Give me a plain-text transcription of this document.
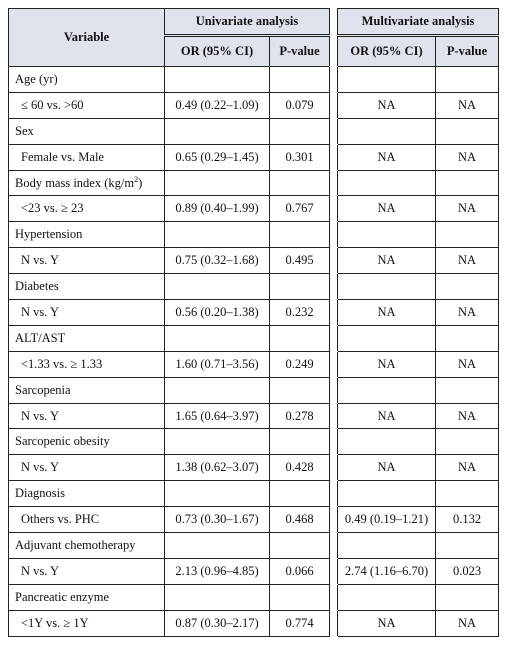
Variable	Univariate analysis			Multivariate analysis	
	OR (95% CI)	P-value		OR (95% CI)	P-value
Age (yr)					
≤ 60 vs. >60	0.49 (0.22–1.09)	0.079		NA	NA
Sex					
Female vs. Male	0.65 (0.29–1.45)	0.301		NA	NA
Body mass index $(kg/m^2)$					
<23 vs. ≥ 23	0.89 (0.40–1.99)	0.767		NA	NA
Hypertension					
N vs. Y	0.75 (0.32–1.68)	0.495		NA	NA
Diabetes					
N vs. Y	0.56 (0.20–1.38)	0.232		NA	NA
ALT/AST					
<1.33 vs. ≥ 1.33	1.60 (0.71–3.56)	0.249		NA	NA
Sarcopenia					
N vs. Y	1.65 (0.64–3.97)	0.278		NA	NA
Sarcopenic obesity					
N vs. Y	1.38 (0.62–3.07)	0.428		NA	NA
Diagnosis					
Others vs. PHC	0.73 (0.30–1.67)	0.468		0.49 (0.19–1.21)	0.132
Adjuvant chemotherapy					
N vs. Y	2.13 (0.96–4.85)	0.066		2.74 (1.16–6.70)	0.023
Pancreatic enzyme					
<1Y vs. ≥ 1Y	0.87 (0.30–2.17)	0.774		NA	NA
